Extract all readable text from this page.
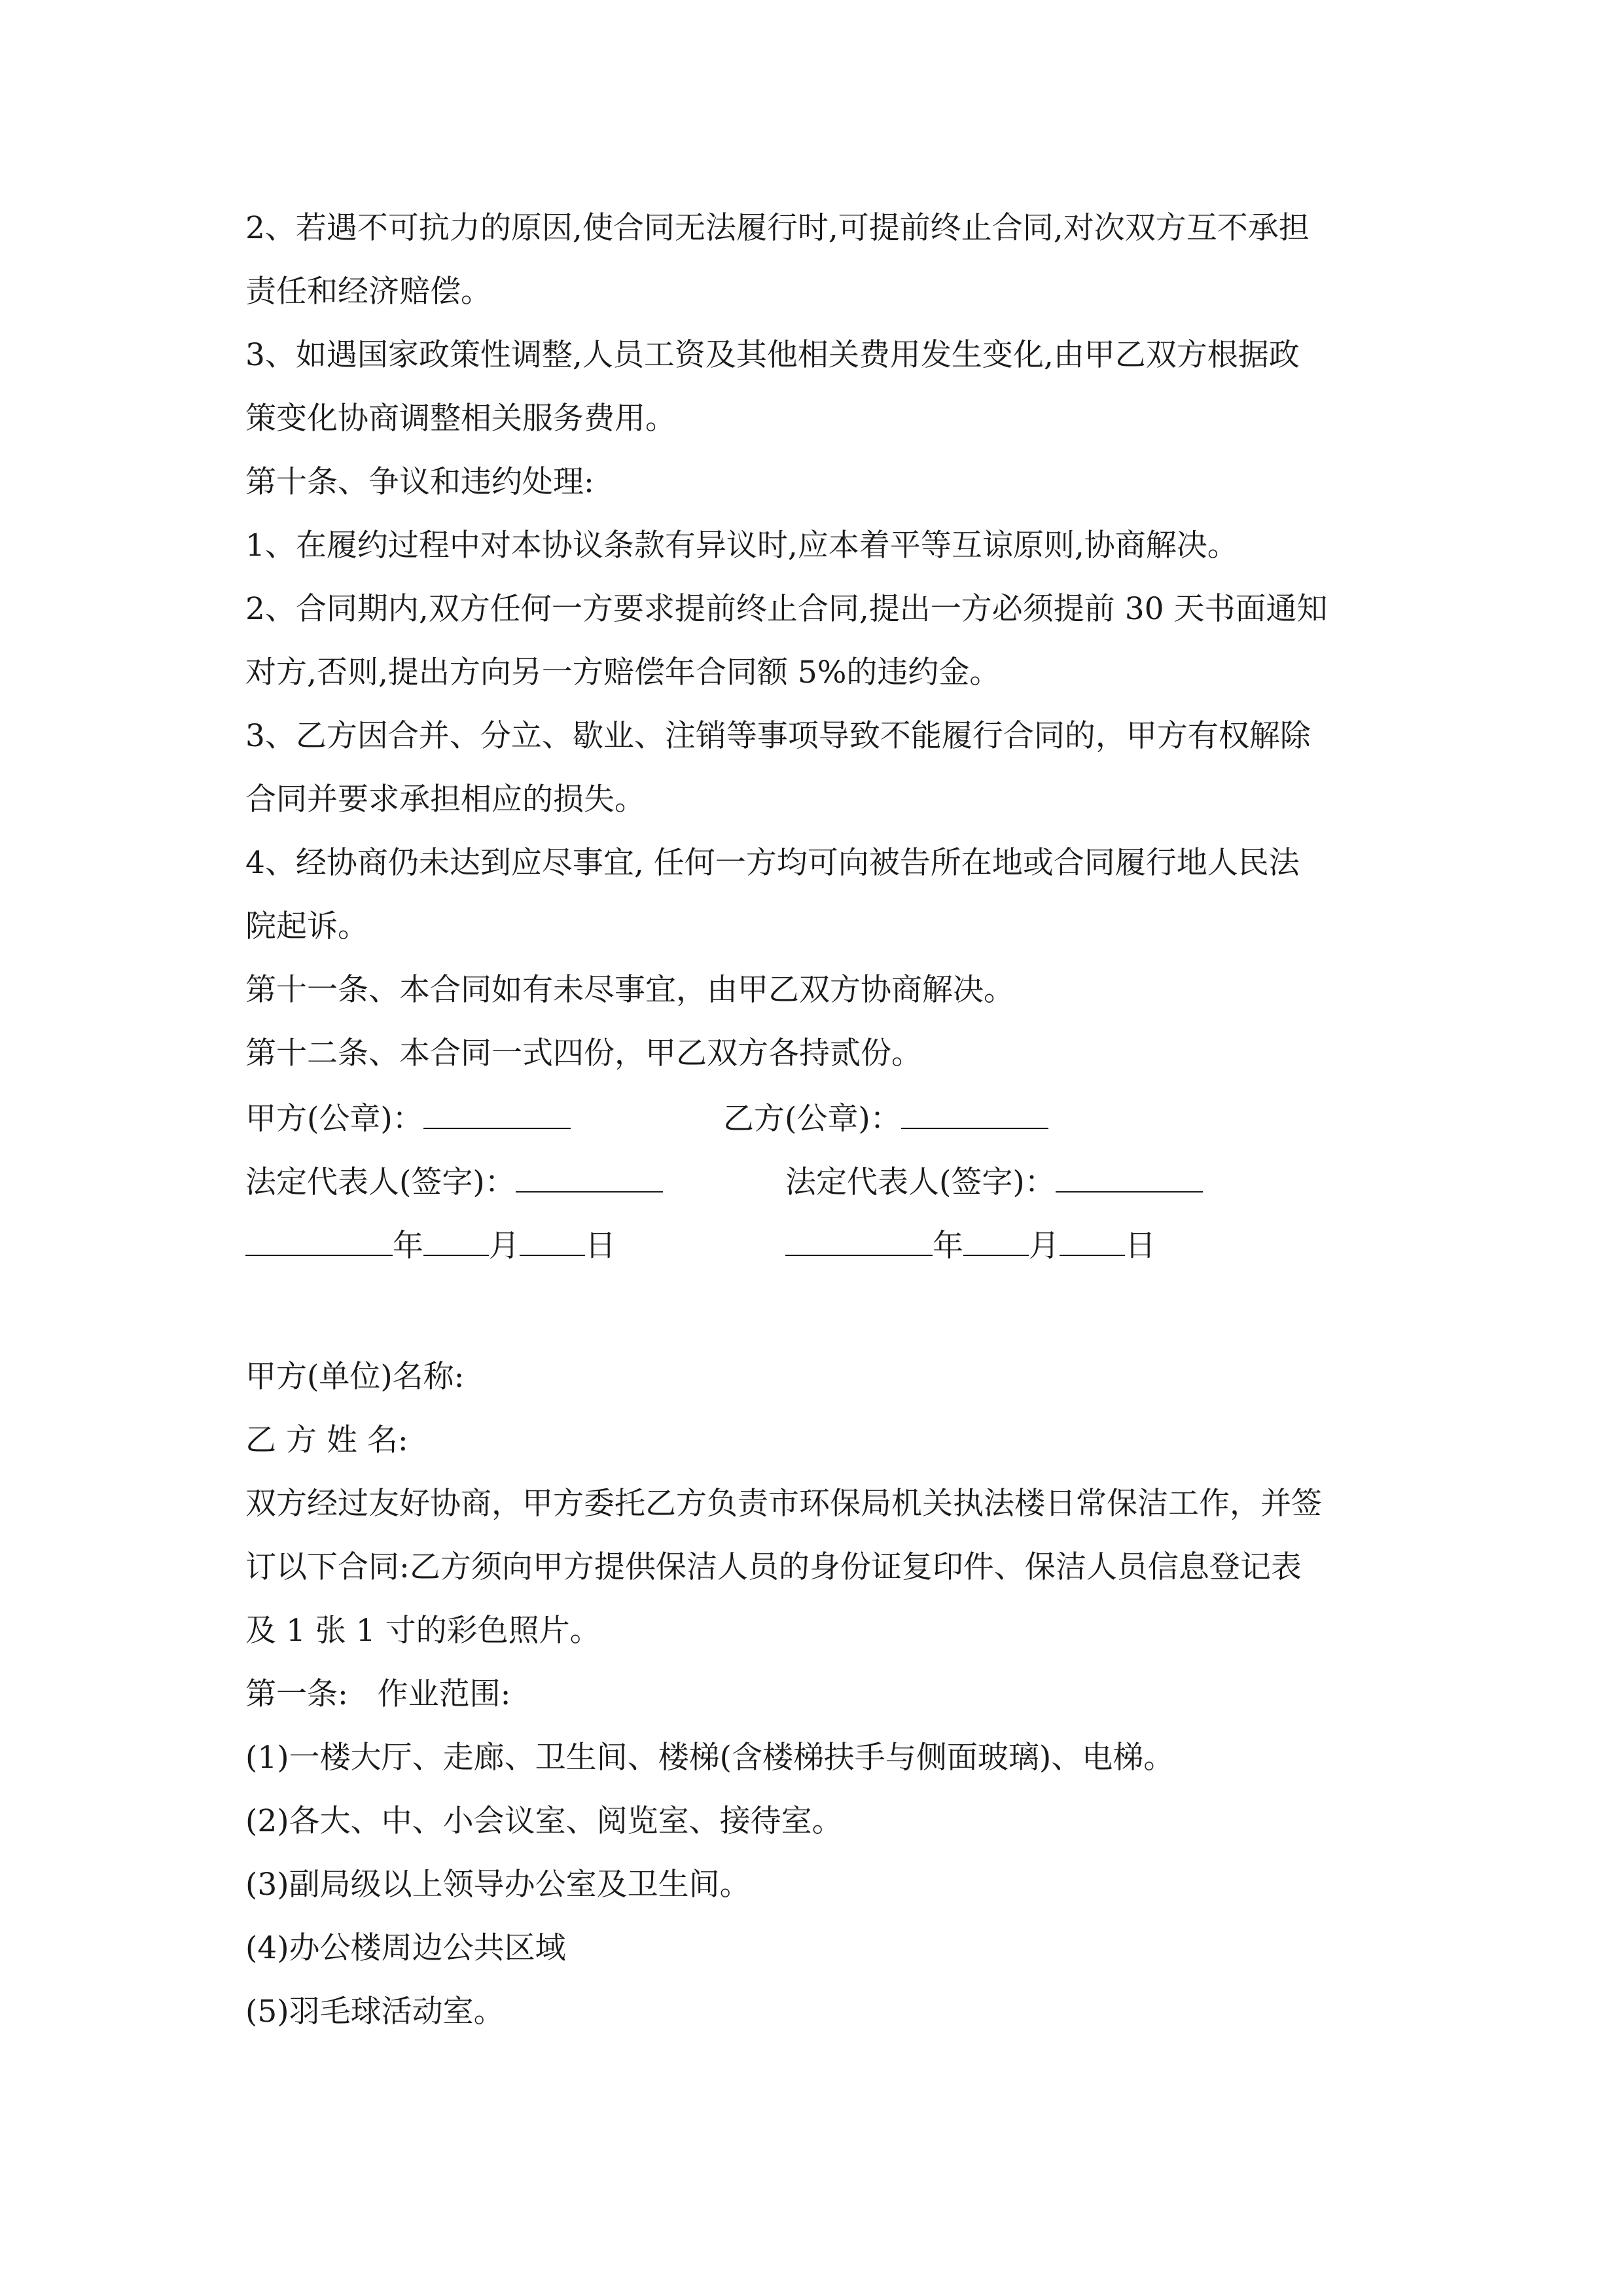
2、若遇不可抗力的原因,使合同无法履行时,可提前终止合同,对次双方互不承担
责任和经济赔偿。
3、如遇国家政策性调整,人员工资及其他相关费用发生变化,由甲乙双方根据政
策变化协商调整相关服务费用。
第十条、争议和违约处理:
1、在履约过程中对本协议条款有异议时,应本着平等互谅原则,协商解决。
2、合同期内,双方任何一方要求提前终止合同,提出一方必须提前 30 天书面通知
对方,否则,提出方向另一方赔偿年合同额 5%的违约金。
3、乙方因合并、分立、歇业、注销等事项导致不能履行合同的，甲方有权解除
合同并要求承担相应的损失。
4、经协商仍未达到应尽事宜, 任何一方均可向被告所在地或合同履行地人民法
院起诉。
第十一条、本合同如有未尽事宜，由甲乙双方协商解决。
第十二条、本合同一式四份，甲乙双方各持贰份。
甲方(公章)：	乙方(公章)：
法定代表人(签字)：	法定代表人(签字)：
年 月 日	年 月 日
甲方(单位)名称:
乙 方 姓 名:
双方经过友好协商，甲方委托乙方负责市环保局机关执法楼日常保洁工作，并签
订以下合同:乙方须向甲方提供保洁人员的身份证复印件、保洁人员信息登记表
及 1 张 1 寸的彩色照片。
第一条:   作业范围:
(1)一楼大厅、走廊、卫生间、楼梯(含楼梯扶手与侧面玻璃)、电梯。
(2)各大、中、小会议室、阅览室、接待室。
(3)副局级以上领导办公室及卫生间。
(4)办公楼周边公共区域
(5)羽毛球活动室。
